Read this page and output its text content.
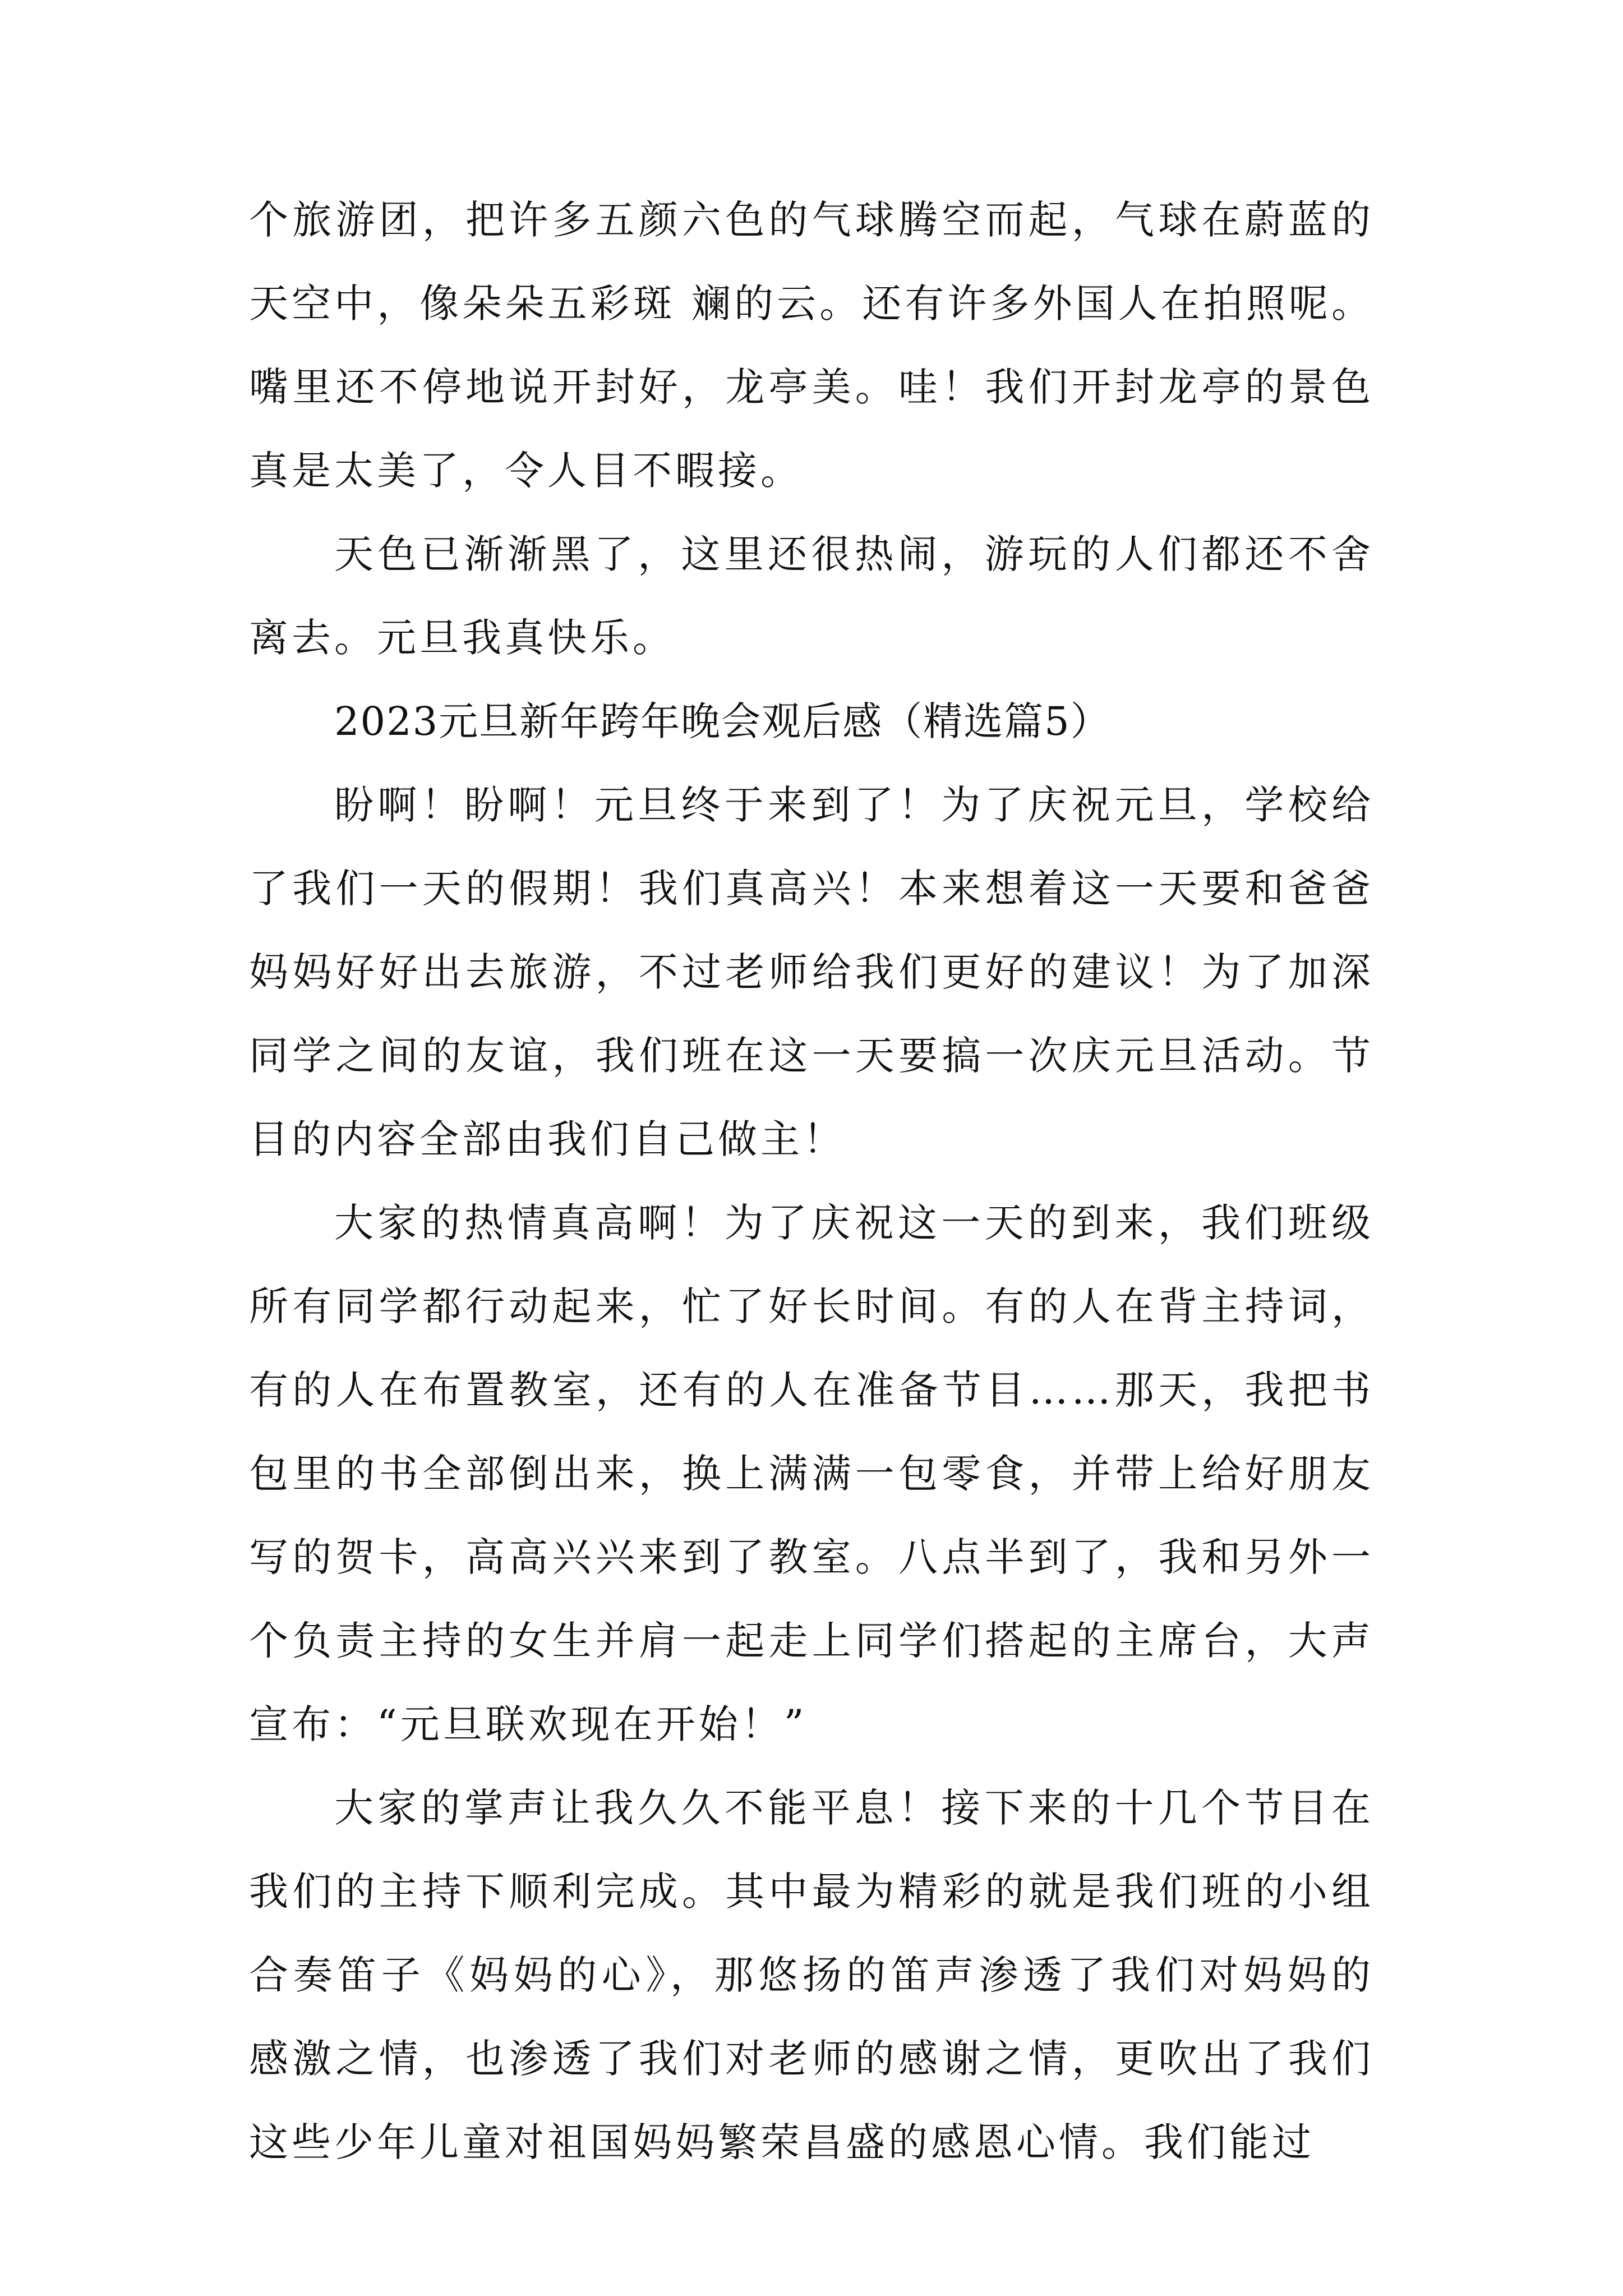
个旅游团，把许多五颜六色的气球腾空而起，气球在蔚蓝的天空中，像朵朵五彩斑 斓的云。还有许多外国人在拍照呢。嘴里还不停地说开封好，龙亭美。哇！我们开封龙亭的景色真是太美了，令人目不暇接。

天色已渐渐黑了，这里还很热闹，游玩的人们都还不舍离去。元旦我真快乐。

2023元旦新年跨年晚会观后感（精选篇5）

盼啊！盼啊！元旦终于来到了！为了庆祝元旦，学校给了我们一天的假期！我们真高兴！本来想着这一天要和爸爸妈妈好好出去旅游，不过老师给我们更好的建议！为了加深同学之间的友谊，我们班在这一天要搞一次庆元旦活动。节目的内容全部由我们自己做主！

大家的热情真高啊！为了庆祝这一天的到来，我们班级所有同学都行动起来，忙了好长时间。有的人在背主持词，有的人在布置教室，还有的人在准备节目……那天，我把书包里的书全部倒出来，换上满满一包零食，并带上给好朋友写的贺卡，高高兴兴来到了教室。八点半到了，我和另外一个负责主持的女生并肩一起走上同学们搭起的主席台，大声宣布：“元旦联欢现在开始！”

大家的掌声让我久久不能平息！接下来的十几个节目在我们的主持下顺利完成。其中最为精彩的就是我们班的小组合奏笛子《妈妈的心》，那悠扬的笛声渗透了我们对妈妈的感激之情，也渗透了我们对老师的感谢之情，更吹出了我们这些少年儿童对祖国妈妈繁荣昌盛的感恩心情。我们能过
